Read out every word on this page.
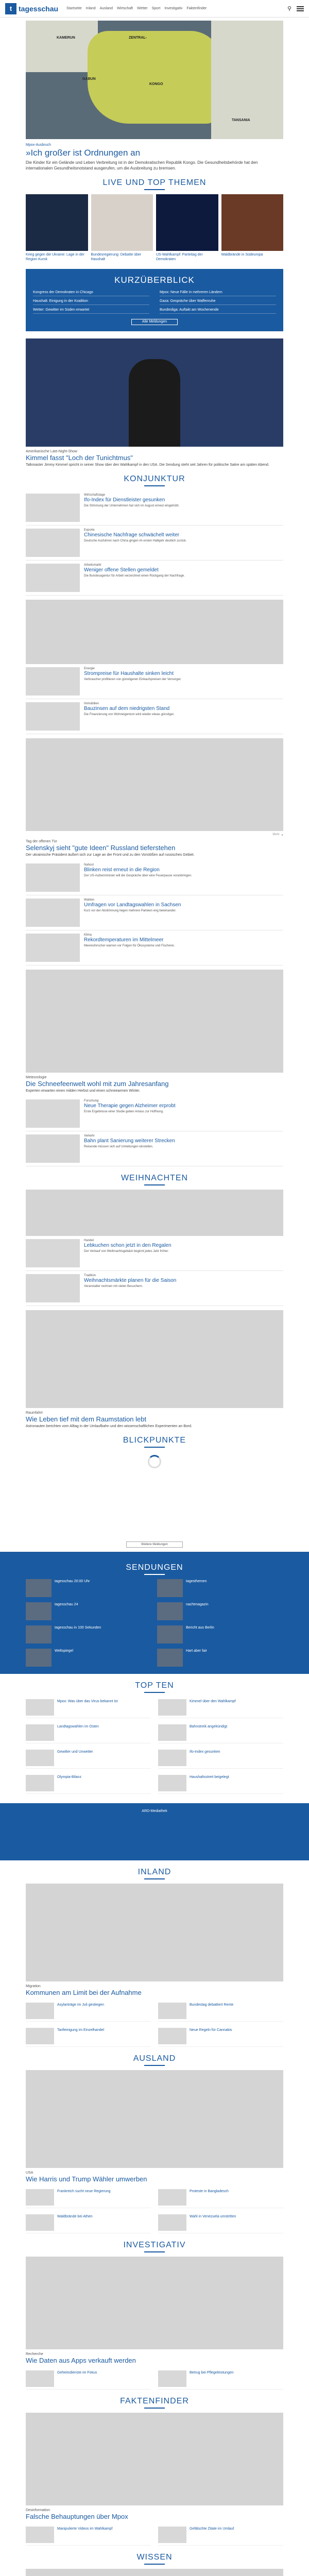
t tagesschau Startseite Inland Ausland Wirtschaft Wetter Sport Investigativ Faktenfinder	⚲
KAMERUN	ZENTRAL-
GABUN
KONGO
TANSANIA
Mpox-Ausbruch
»Ich großer ist Ordnungen an
Die Kinder für ein Gelände und Leben Verbreitung ist in der Demokratischen Republik Kongo. Die Gesundheitsbehörde hat den internationalen Gesundheitsnotstand ausgerufen, um die Ausbreitung zu bremsen.
LIVE UND TOP THEMEN
Krieg gegen die Ukraine: Lage in der Region Kursk
Bundesregierung: Debatte über Haushalt
US-Wahlkampf: Parteitag der Demokraten
Waldbrände in Südeuropa
KURZÜBERBLICK
Kongress der Demokraten in Chicago	Mpox: Neue Fälle in mehreren Ländern
Haushalt: Einigung in der Koalition	Gaza: Gespräche über Waffenruhe
Wetter: Gewitter im Süden erwartet	Bundesliga: Auftakt am Wochenende
Alle Meldungen
Amerikanische Late-Night-Show
Kimmel fasst "Loch der Tunichtmus"
Talkmaster Jimmy Kimmel spricht in seiner Show über den Wahlkampf in den USA. Die Sendung steht seit Jahren für politische Satire am späten Abend.
KONJUNKTUR
Wirtschaftslage
Ifo-Index für Dienstleister gesunken
Die Stimmung der Unternehmen hat sich im August erneut eingetrübt.
Exporte
Chinesische Nachfrage schwächelt weiter
Deutsche Ausfuhren nach China gingen im ersten Halbjahr deutlich zurück.
Arbeitsmarkt
Weniger offene Stellen gemeldet
Die Bundesagentur für Arbeit verzeichnet einen Rückgang der Nachfrage.
Energie
Strompreise für Haushalte sinken leicht
Verbraucher profitieren von günstigeren Einkaufspreisen der Versorger.
Immobilien
Bauzinsen auf dem niedrigsten Stand
Die Finanzierung von Wohneigentum wird wieder etwas günstiger.
Mehr ▸
Tag der offenen Tür
Selenskyj sieht "gute Ideen" Russland tieferstehen
Der ukrainische Präsident äußert sich zur Lage an der Front und zu den Vorstößen auf russisches Gebiet.
Nahost
Blinken reist erneut in die Region
Der US-Außenminister will die Gespräche über eine Feuerpause voranbringen.
Wahlen
Umfragen vor Landtagswahlen in Sachsen
Kurz vor der Abstimmung liegen mehrere Parteien eng beieinander.
Klima
Rekordtemperaturen im Mittelmeer
Meeresforscher warnen vor Folgen für Ökosysteme und Fischerei.
Meteorologie
Die Schneefeenwelt wohl mit zum Jahresanfang
Experten erwarten einen milden Herbst und einen schneearmen Winter.
Forschung
Neue Therapie gegen Alzheimer erprobt
Erste Ergebnisse einer Studie geben Anlass zur Hoffnung.
Verkehr
Bahn plant Sanierung weiterer Strecken
Reisende müssen sich auf Umleitungen einstellen.
WEIHNACHTEN
Handel
Lebkuchen schon jetzt in den Regalen
Der Verkauf von Weihnachtsgebäck beginnt jedes Jahr früher.
Tradition
Weihnachtsmärkte planen für die Saison
Veranstalter rechnen mit vielen Besuchern.
Raumfahrt
Wie Leben tief mit dem Raumstation lebt
Astronauten berichten vom Alltag in der Umlaufbahn und den wissenschaftlichen Experimenten an Bord.
BLICKPUNKTE
Weitere Meldungen
SENDUNGEN
tagesschau 20:00 Uhr	tagesthemen
tagesschau 24	nachtmagazin
tagesschau in 100 Sekunden	Bericht aus Berlin
Weltspiegel	Hart aber fair
TOP TEN
Mpox: Was über das Virus bekannt ist	Kimmel über den Wahlkampf
Landtagswahlen im Osten	Bahnstreik angekündigt
Gewitter und Unwetter	Ifo-Index gesunken
Olympia-Bilanz	Haushaltsstreit beigelegt
ARD-Mediathek
INLAND
Migration
Kommunen am Limit bei der Aufnahme
Asylanträge im Juli gestiegen	Bundestag debattiert Rente
Tarifeinigung im Einzelhandel	Neue Regeln für Cannabis
AUSLAND
USA
Wie Harris und Trump Wähler umwerben
Frankreich sucht neue Regierung	Proteste in Bangladesch
Waldbrände bei Athen	Wahl in Venezuela umstritten
INVESTIGATIV
Recherche
Wie Daten aus Apps verkauft werden
Geheimdienste im Fokus	Betrug bei Pflegeleistungen
FAKTENFINDER
Desinformation
Falsche Behauptungen über Mpox
Manipulierte Videos im Wahlkampf	Gefälschte Zitate im Umlauf
WISSEN
